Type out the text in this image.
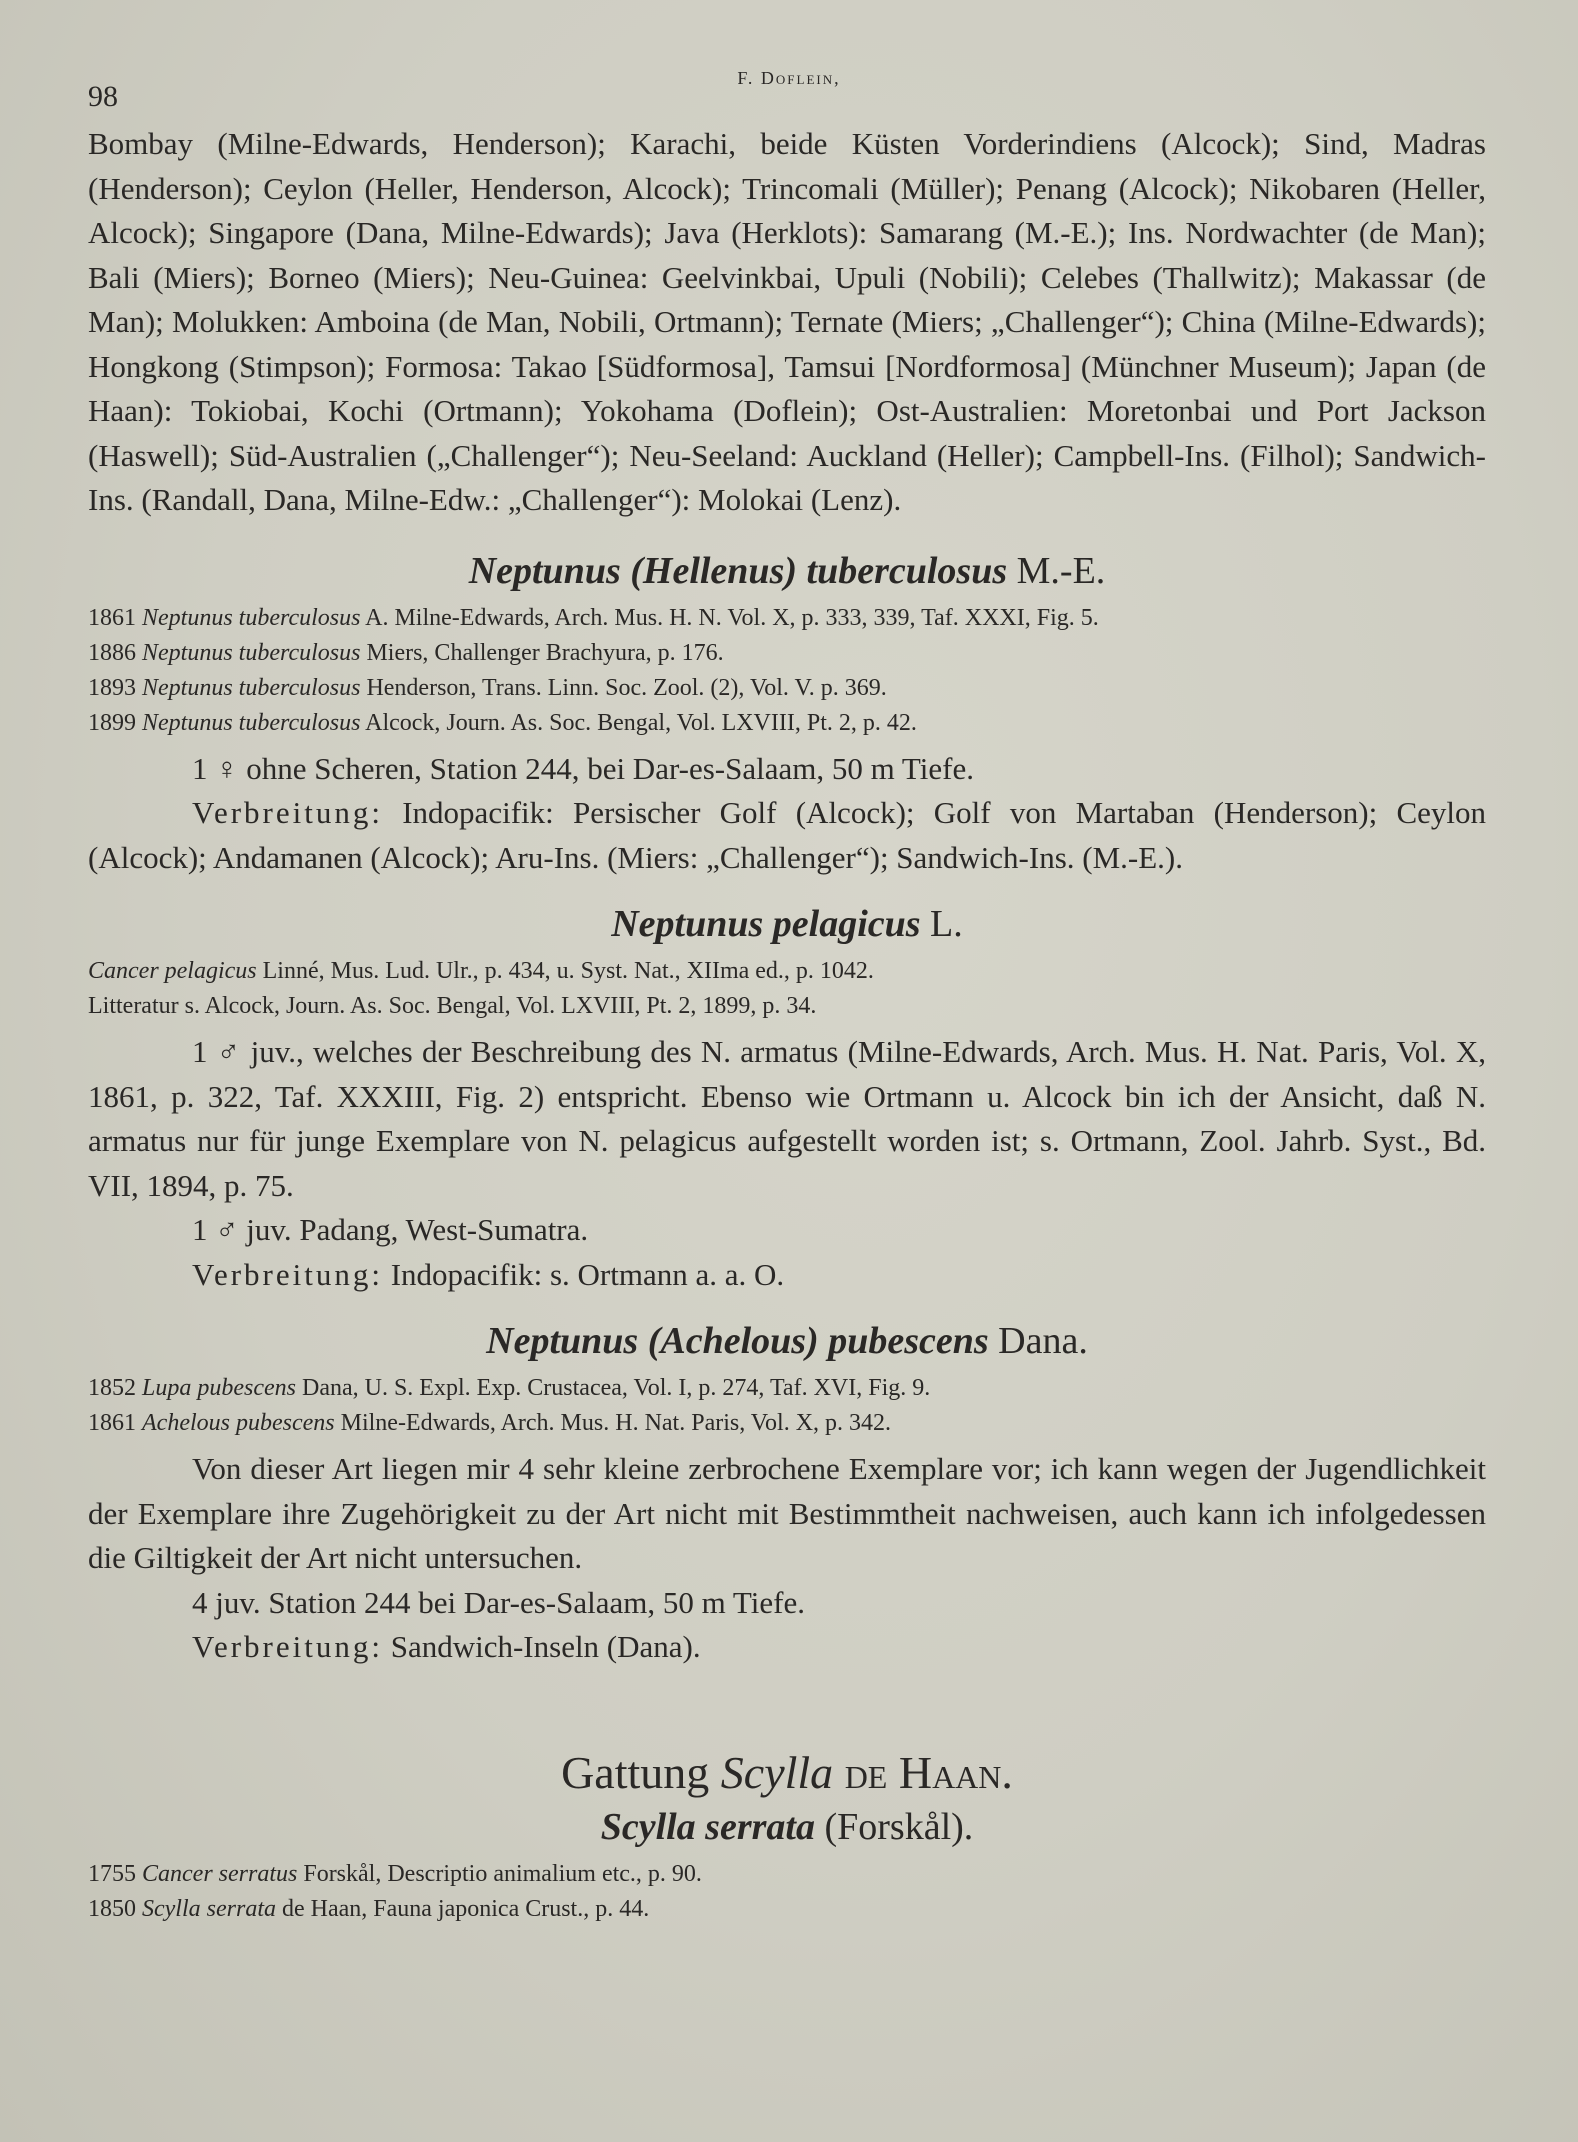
98
F. Doflein,

Bombay (Milne-Edwards, Henderson); Karachi, beide Küsten Vorderindiens (Alcock); Sind, Madras (Henderson); Ceylon (Heller, Henderson, Alcock); Trincomali (Müller); Penang (Alcock); Nikobaren (Heller, Alcock); Singapore (Dana, Milne-Edwards); Java (Herklots): Samarang (M.-E.); Ins. Nordwachter (de Man); Bali (Miers); Borneo (Miers); Neu-Guinea: Geelvinkbai, Upuli (Nobili); Celebes (Thallwitz); Makassar (de Man); Molukken: Amboina (de Man, Nobili, Ortmann); Ternate (Miers; „Challenger“); China (Milne-Edwards); Hongkong (Stimpson); Formosa: Takao [Südformosa], Tamsui [Nordformosa] (Münchner Museum); Japan (de Haan): Tokiobai, Kochi (Ortmann); Yokohama (Doflein); Ost-Australien: Moretonbai und Port Jackson (Haswell); Süd-Australien („Challenger“); Neu-Seeland: Auckland (Heller); Campbell-Ins. (Filhol); Sandwich-Ins. (Randall, Dana, Milne-Edw.: „Challenger“): Molokai (Lenz).

Neptunus (Hellenus) tuberculosus M.-E.
1861 Neptunus tuberculosus A. Milne-Edwards, Arch. Mus. H. N. Vol. X, p. 333, 339, Taf. XXXI, Fig. 5.
1886 Neptunus tuberculosus Miers, Challenger Brachyura, p. 176.
1893 Neptunus tuberculosus Henderson, Trans. Linn. Soc. Zool. (2), Vol. V. p. 369.
1899 Neptunus tuberculosus Alcock, Journ. As. Soc. Bengal, Vol. LXVIII, Pt. 2, p. 42.

1 ♀ ohne Scheren, Station 244, bei Dar-es-Salaam, 50 m Tiefe.

Verbreitung: Indopacifik: Persischer Golf (Alcock); Golf von Martaban (Henderson); Ceylon (Alcock); Andamanen (Alcock); Aru-Ins. (Miers: „Challenger“); Sandwich-Ins. (M.-E.).

Neptunus pelagicus L.
Cancer pelagicus Linné, Mus. Lud. Ulr., p. 434, u. Syst. Nat., XIIma ed., p. 1042.
Litteratur s. Alcock, Journ. As. Soc. Bengal, Vol. LXVIII, Pt. 2, 1899, p. 34.

1 ♂ juv., welches der Beschreibung des N. armatus (Milne-Edwards, Arch. Mus. H. Nat. Paris, Vol. X, 1861, p. 322, Taf. XXXIII, Fig. 2) entspricht. Ebenso wie Ortmann u. Alcock bin ich der Ansicht, daß N. armatus nur für junge Exemplare von N. pelagicus aufgestellt worden ist; s. Ortmann, Zool. Jahrb. Syst., Bd. VII, 1894, p. 75.

1 ♂ juv. Padang, West-Sumatra.

Verbreitung: Indopacifik: s. Ortmann a. a. O.

Neptunus (Achelous) pubescens Dana.
1852 Lupa pubescens Dana, U. S. Expl. Exp. Crustacea, Vol. I, p. 274, Taf. XVI, Fig. 9.
1861 Achelous pubescens Milne-Edwards, Arch. Mus. H. Nat. Paris, Vol. X, p. 342.

Von dieser Art liegen mir 4 sehr kleine zerbrochene Exemplare vor; ich kann wegen der Jugendlichkeit der Exemplare ihre Zugehörigkeit zu der Art nicht mit Bestimmtheit nachweisen, auch kann ich infolgedessen die Giltigkeit der Art nicht untersuchen.

4 juv. Station 244 bei Dar-es-Salaam, 50 m Tiefe.

Verbreitung: Sandwich-Inseln (Dana).

Gattung Scylla de Haan.
Scylla serrata (Forskål).
1755 Cancer serratus Forskål, Descriptio animalium etc., p. 90.
1850 Scylla serrata de Haan, Fauna japonica Crust., p. 44.
